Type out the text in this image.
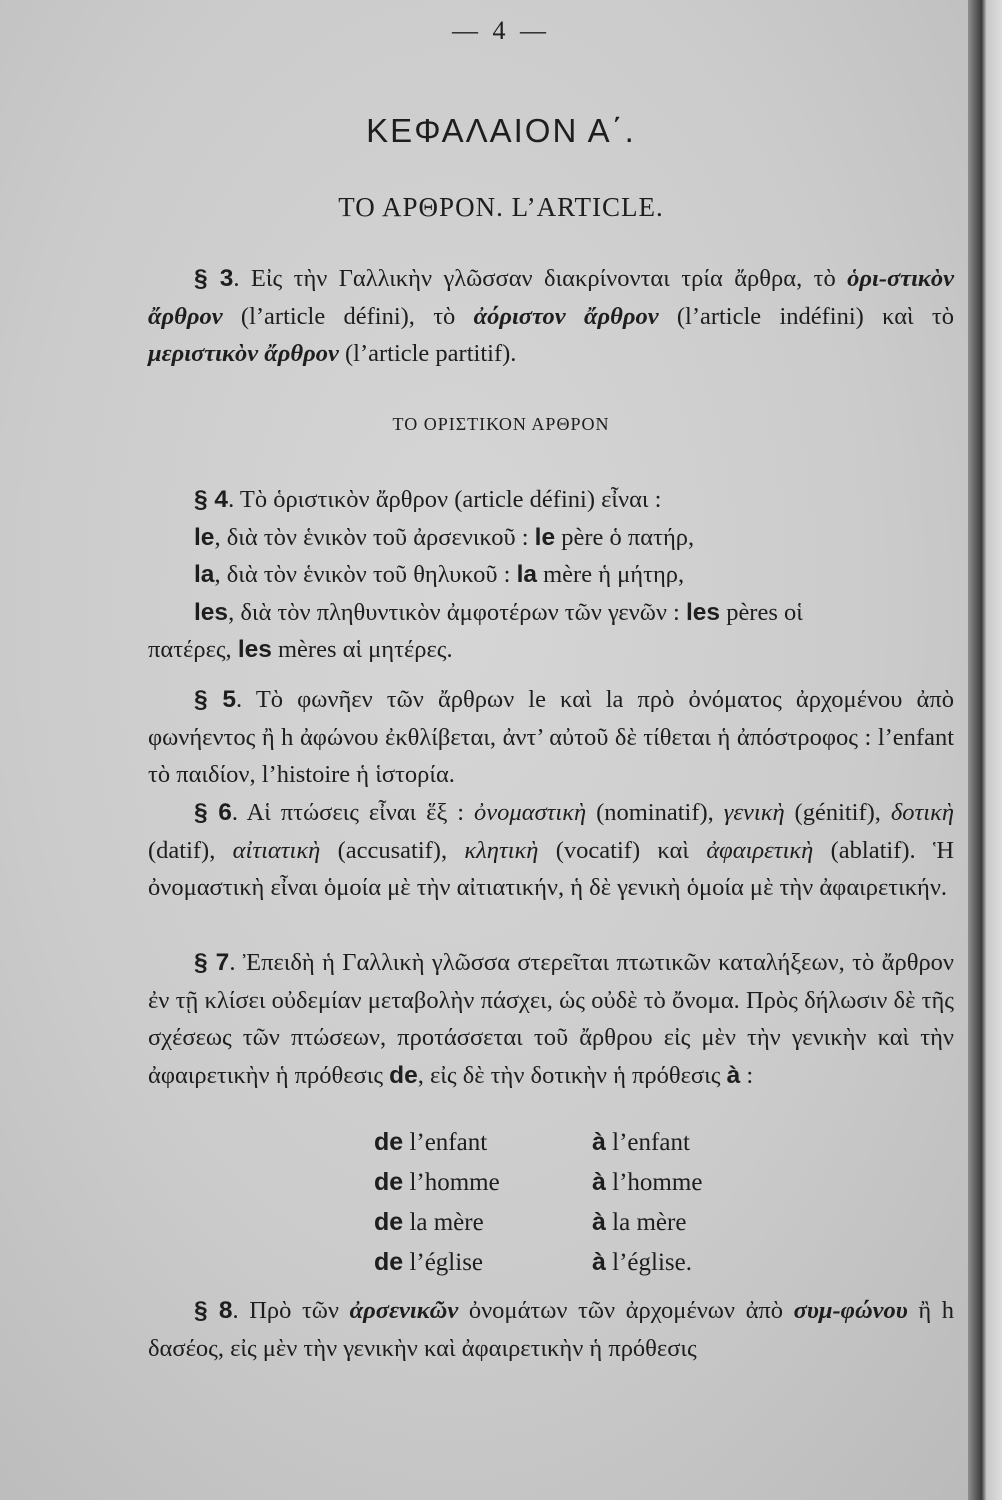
— 4 —
ΚΕΦΑΛΑΙΟΝ Α΄.
ΤΟ ΑΡΘΡΟΝ. L’ARTICLE.

§ 3. Εἰς τὴν Γαλλικὴν γλῶσσαν διακρίνονται τρία ἄρθρα, τὸ ὁρι-στικὸν ἄρθρον (l’article défini), τὸ ἀόριστον ἄρθρον (l’article indéfini) καὶ τὸ μεριστικὸν ἄρθρον (l’article partitif).

ΤΟ ΟΡΙΣΤΙΚΟΝ ΑΡΘΡΟΝ
§ 4. Τὸ ὁριστικὸν ἄρθρον (article défini) εἶναι :
le, διὰ τὸν ἑνικὸν τοῦ ἀρσενικοῦ : le père ὁ πατήρ,
la, διὰ τὸν ἑνικὸν τοῦ θηλυκοῦ : la mère ἡ μήτηρ,
les, διὰ τὸν πληθυντικὸν ἀμφοτέρων τῶν γενῶν : les pères οἱ
πατέρες, les mères αἱ μητέρες.

§ 5. Τὸ φωνῆεν τῶν ἄρθρων le καὶ la πρὸ ὀνόματος ἀρχομένου ἀπὸ φωνήεντος ἢ h ἀφώνου ἐκθλίβεται, ἀντ’ αὐτοῦ δὲ τίθεται ἡ ἀπόστροφος : l’enfant τὸ παιδίον, l’histoire ἡ ἱστορία.

§ 6. Αἱ πτώσεις εἶναι ἕξ : ὀνομαστικὴ (nominatif), γενικὴ (génitif), δοτικὴ (datif), αἰτιατικὴ (accusatif), κλητικὴ (vocatif) καὶ ἀφαιρετικὴ (ablatif). Ἡ ὀνομαστικὴ εἶναι ὁμοία μὲ τὴν αἰτιατικήν, ἡ δὲ γενικὴ ὁμοία μὲ τὴν ἀφαιρετικήν.

§ 7. Ἐπειδὴ ἡ Γαλλικὴ γλῶσσα στερεῖται πτωτικῶν καταλήξεων, τὸ ἄρθρον ἐν τῇ κλίσει οὐδεμίαν μεταβολὴν πάσχει, ὡς οὐδὲ τὸ ὄνομα. Πρὸς δήλωσιν δὲ τῆς σχέσεως τῶν πτώσεων, προτάσσεται τοῦ ἄρθρου εἰς μὲν τὴν γενικὴν καὶ τὴν ἀφαιρετικὴν ἡ πρόθεσις de, εἰς δὲ τὴν δοτικὴν ἡ πρόθεσις à :

de l’enfant	à l’enfant
de l’homme	à l’homme
de la mère	à la mère
de l’église	à l’église.

§ 8. Πρὸ τῶν ἀρσενικῶν ὀνομάτων τῶν ἀρχομένων ἀπὸ συμ-φώνου ἢ h δασέος, εἰς μὲν τὴν γενικὴν καὶ ἀφαιρετικὴν ἡ πρόθεσις
